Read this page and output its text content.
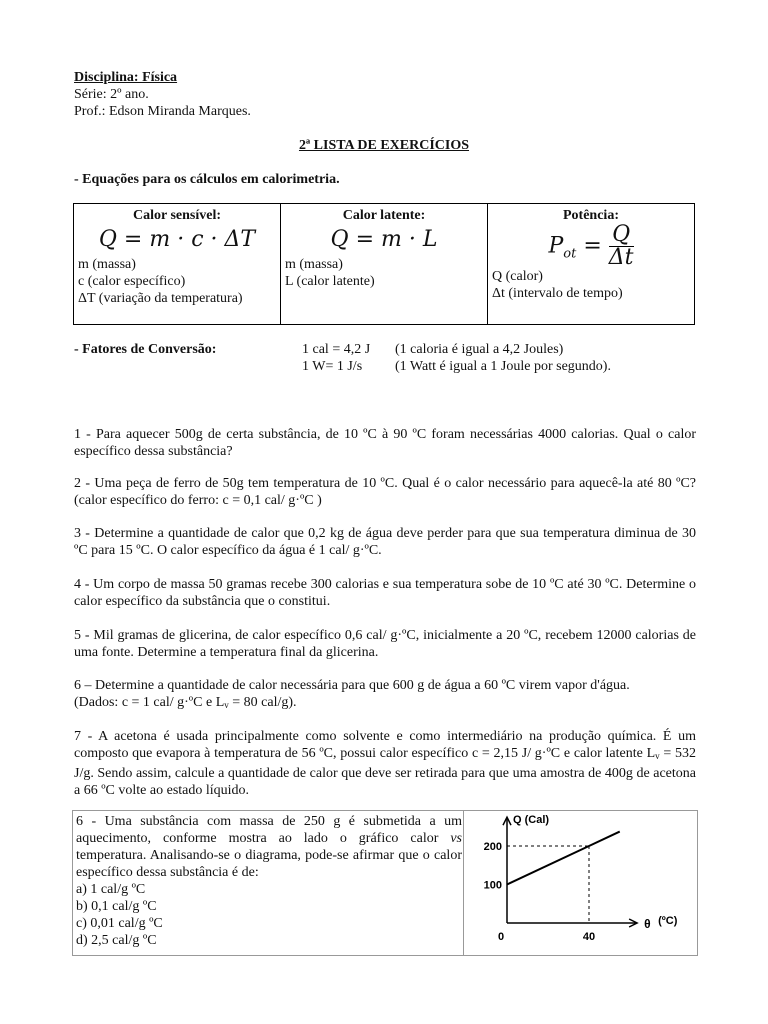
Disciplina: Física
Série: 2º ano.
Prof.: Edson Miranda Marques.
2ª LISTA DE EXERCÍCIOS
- Equações para os cálculos em calorimetria.
Calor sensível:
Q = m · c · ΔT
m (massa)
c (calor específico)
ΔT (variação da temperatura)

Calor latente:
Q = m · L
m (massa)
L (calor latente)

Potência:
$P_{ot} = \frac{Q}{\Delta t}$
Q (calor)
Δt (intervalo de tempo)
- Fatores de Conversão:	1 cal = 4,2 J (1 caloria é igual a 4,2 Joules)
1 W= 1 J/s (1 Watt é igual a 1 Joule por segundo).
1 - Para aquecer 500g de certa substância, de 10 ºC à 90 ºC foram necessárias 4000 calorias. Qual o calor específico dessa substância?
2 - Uma peça de ferro de 50g tem temperatura de 10 ºC. Qual é o calor necessário para aquecê-la até 80 ºC? (calor específico do ferro: c = 0,1 cal/ g·ºC )
3 - Determine a quantidade de calor que 0,2 kg de água deve perder para que sua temperatura diminua de 30 ºC para 15 ºC. O calor específico da água é 1 cal/ g·ºC.
4 - Um corpo de massa 50 gramas recebe 300 calorias e sua temperatura sobe de 10 ºC até 30 ºC. Determine o calor específico da substância que o constitui.
5 - Mil gramas de glicerina, de calor específico 0,6 cal/ g·ºC, inicialmente a 20 ºC, recebem 12000 calorias de uma fonte. Determine a temperatura final da glicerina.
6 – Determine a quantidade de calor necessária para que 600 g de água a 60 ºC virem vapor d'água.
(Dados: c = 1 cal/ g·ºC e $L_v = 80$ cal/g).
7 - A acetona é usada principalmente como solvente e como intermediário na produção química. É um composto que evapora à temperatura de 56 ºC, possui calor específico c = 2,15 J/ g·ºC e calor latente $L_v = 532$ J/g. Sendo assim, calcule a quantidade de calor que deve ser retirada para que uma amostra de 400g de acetona a 66 ºC volte ao estado líquido.
6 - Uma substância com massa de 250 g é submetida a um aquecimento, conforme mostra ao lado o gráfico calor vs temperatura. Analisando-se o diagrama, pode-se afirmar que o calor específico dessa substância é de:
a) 1 cal/g ºC
b) 0,1 cal/g ºC
c) 0,01 cal/g ºC
d) 2,5 cal/g ºC
Q (Cal)
100
200
0	40
θ (ºC)
